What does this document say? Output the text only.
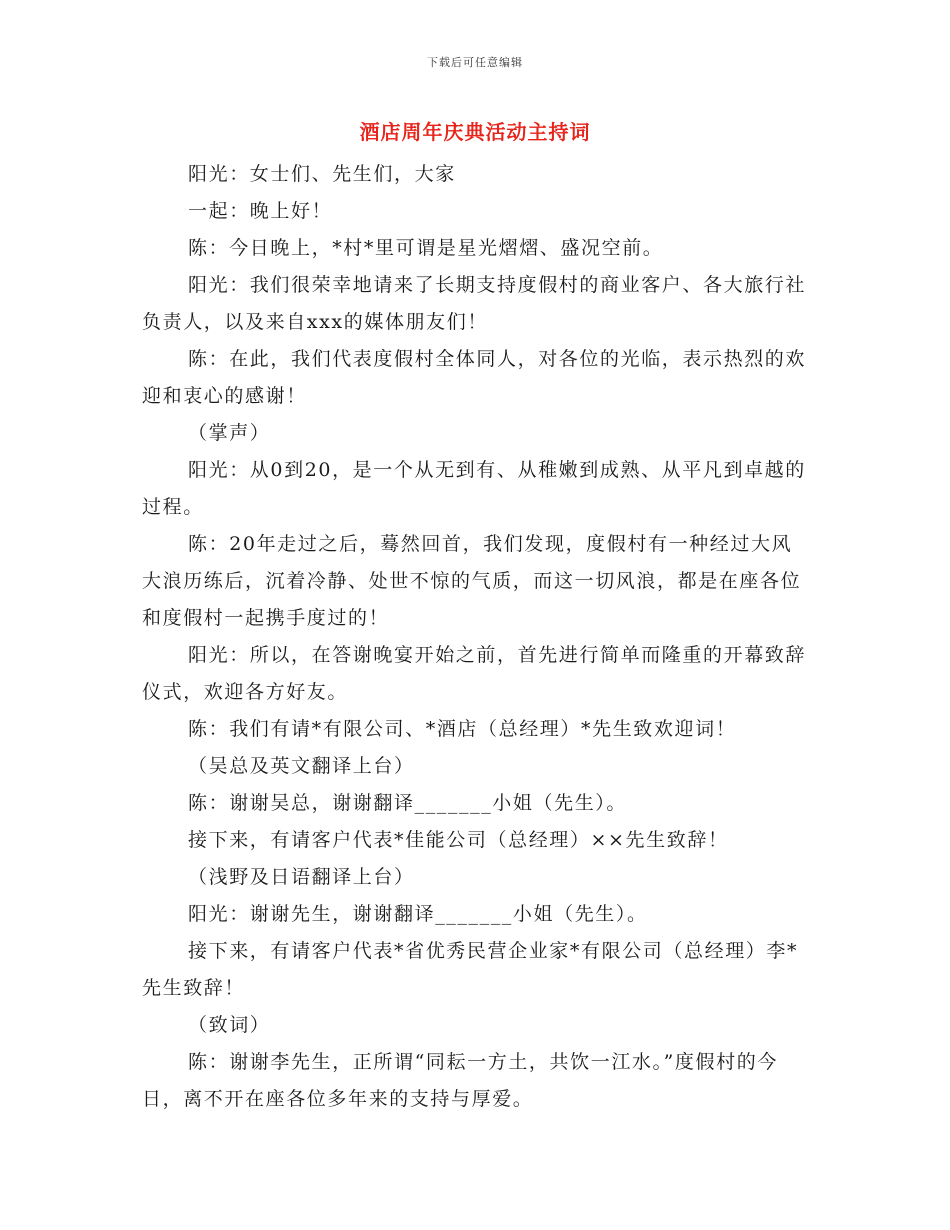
下载后可任意编辑
酒店周年庆典活动主持词

阳光：女士们、先生们，大家

一起：晚上好！

陈：今日晚上，*村*里可谓是星光熠熠、盛况空前。

阳光：我们很荣幸地请来了长期支持度假村的商业客户、各大旅行社负责人，以及来自xxx的媒体朋友们！

陈：在此，我们代表度假村全体同人，对各位的光临，表示热烈的欢迎和衷心的感谢！

（掌声）

阳光：从0到20，是一个从无到有、从稚嫩到成熟、从平凡到卓越的过程。

陈：20年走过之后，蓦然回首，我们发现，度假村有一种经过大风大浪历练后，沉着冷静、处世不惊的气质，而这一切风浪，都是在座各位和度假村一起携手度过的！

阳光：所以，在答谢晚宴开始之前，首先进行简单而隆重的开幕致辞仪式，欢迎各方好友。

陈：我们有请*有限公司、*酒店（总经理）*先生致欢迎词！

（吴总及英文翻译上台）

陈：谢谢吴总，谢谢翻译_______小姐（先生）。

接下来，有请客户代表*佳能公司（总经理）××先生致辞！

（浅野及日语翻译上台）

阳光：谢谢先生，谢谢翻译_______小姐（先生）。

接下来，有请客户代表*省优秀民营企业家*有限公司（总经理）李*先生致辞！

（致词）

陈：谢谢李先生，正所谓“同耘一方土，共饮一江水。”度假村的今日，离不开在座各位多年来的支持与厚爱。
